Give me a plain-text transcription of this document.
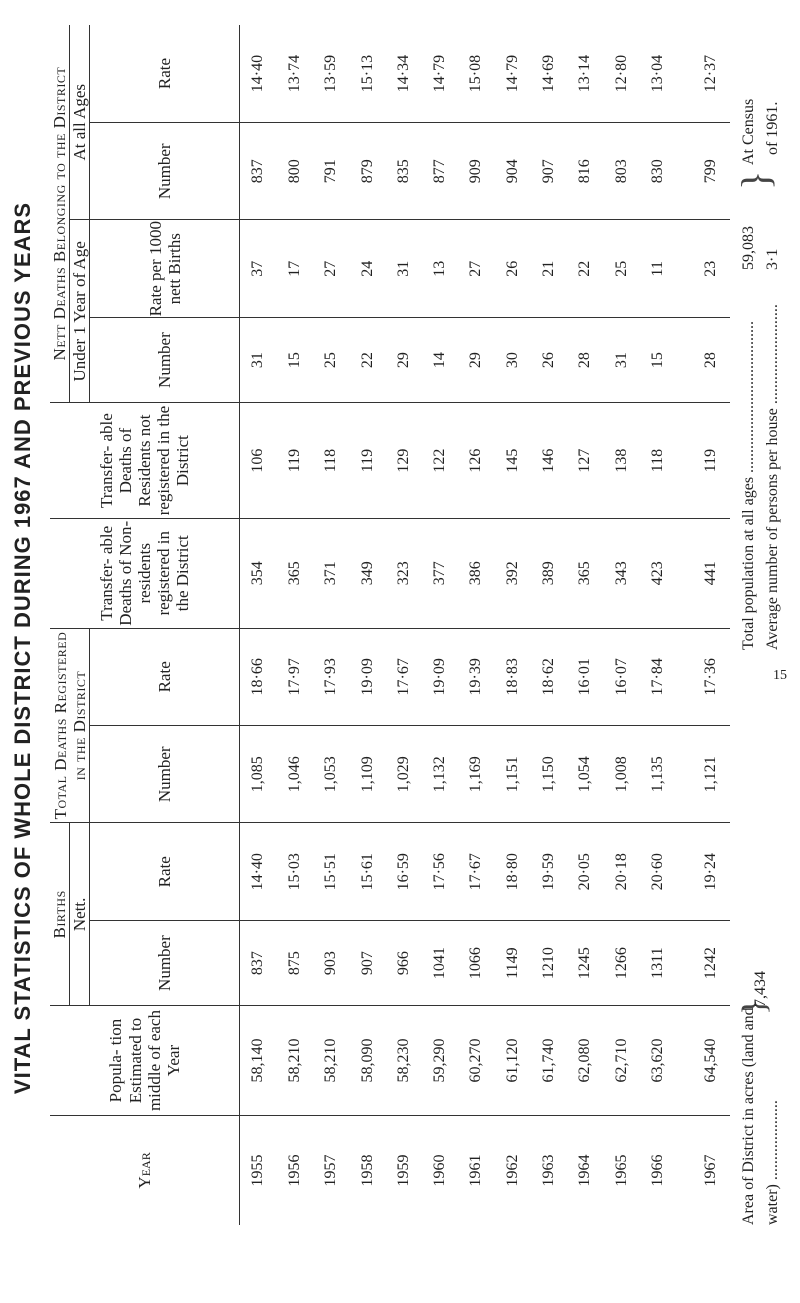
VITAL STATISTICS OF WHOLE DISTRICT DURING 1967 AND PREVIOUS YEARS
Year	Popula- tion Estimated to middle of each Year	Births		Total Deaths Registered in the District		Transfer- able Deaths of Non- residents registered in the District	Transfer- able Deaths of Residents not registered in the District	Nett Deaths Belonging to the District			
		Nett.						Under 1 Year of Age		At all Ages	
		Number	Rate	Number	Rate			Number	Rate per 1000 nett Births	Number	Rate
1955	58,140	837	14·40	1,085	18·66	354	106	31	37	837	14·40
1956	58,210	875	15·03	1,046	17·97	365	119	15	17	800	13·74
1957	58,210	903	15·51	1,053	17·93	371	118	25	27	791	13·59
1958	58,090	907	15·61	1,109	19·09	349	119	22	24	879	15·13
1959	58,230	966	16·59	1,029	17·67	323	129	29	31	835	14·34
1960	59,290	1041	17·56	1,132	19·09	377	122	14	13	877	14·79
1961	60,270	1066	17·67	1,169	19·39	386	126	29	27	909	15·08
1962	61,120	1149	18·80	1,151	18·83	392	145	30	26	904	14·79
1963	61,740	1210	19·59	1,150	18·62	389	146	26	21	907	14·69
1964	62,080	1245	20·05	1,054	16·01	365	127	28	22	816	13·14
1965	62,710	1266	20·18	1,008	16·07	343	138	31	25	803	12·80
1966	63,620	1311	20·60	1,135	17·84	423	118	15	11	830	13·04
1967	64,540	1242	19·24	1,121	17·36	441	119	28	23	799	12·37
Area of District in acres (land and water) ....................
}
7,434
Total population at all ages ...................................... Average number of persons per house .........................
59,083 3·1
}
At Census of 1961.
15
